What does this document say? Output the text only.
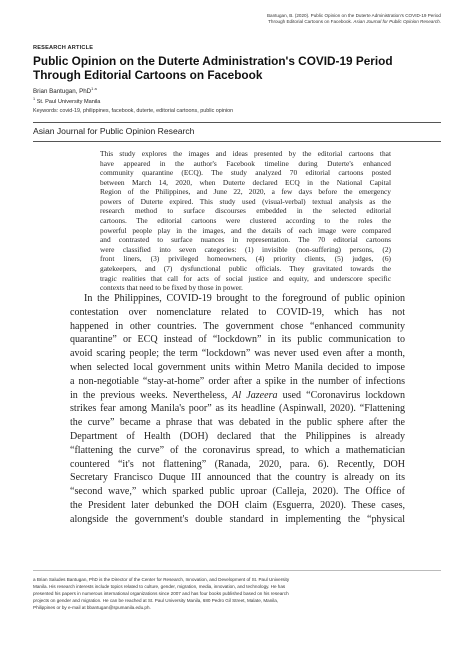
Bantugan, B. (2020). Public Opinion on the Duterte Administration's COVID-19 Period
Through Editorial Cartoons on Facebook. Asian Journal for Public Opinion Research.
RESEARCH ARTICLE
Public Opinion on the Duterte Administration's COVID-19 Period
Through Editorial Cartoons on Facebook
Brian Bantugan, PhD$^{1 a}$
$^1$ St. Paul University Manila
Keywords: covid-19, philippines, facebook, duterte, editorial cartoons, public opinion
Asian Journal for Public Opinion Research
This study explores the images and ideas presented by the editorial cartoons that
have appeared in the author's Facebook timeline during Duterte's enhanced
community quarantine (ECQ). The study analyzed 70 editorial cartoons posted
between March 14, 2020, when Duterte declared ECQ in the National Capital
Region of the Philippines, and June 22, 2020, a few days before the emergency
powers of Duterte expired. This study used (visual-verbal) textual analysis as the
research method to surface discourses embedded in the selected editorial
cartoons. The editorial cartoons were clustered according to the roles the
powerful people play in the images, and the details of each image were compared
and contrasted to surface nuances in representation. The 70 editorial cartoons
were classified into seven categories: (1) invisible (non-suffering) persons, (2)
front liners, (3) privileged homeowners, (4) priority clients, (5) judges, (6)
gatekeepers, and (7) dysfunctional public officials. They gravitated towards the
tragic realities that call for acts of social justice and equity, and underscore specific
contexts that need to be fixed by those in power.
In the Philippines, COVID-19 brought to the foreground of public opinion
contestation over nomenclature related to COVID-19, which has not
happened in other countries. The government chose “enhanced community
quarantine” or ECQ instead of “lockdown” in its public communication to
avoid scaring people; the term “lockdown” was never used even after a month,
when selected local government units within Metro Manila decided to impose
a non-negotiable “stay-at-home” order after a spike in the number of infections
in the previous weeks. Nevertheless, Al Jazeera used “Coronavirus lockdown
strikes fear among Manila's poor” as its headline (Aspinwall, 2020). “Flattening
the curve” became a phrase that was debated in the public sphere after the
Department of Health (DOH) declared that the Philippines is already
“flattening the curve” of the coronavirus spread, to which a mathematician
countered “it's not flattening” (Ranada, 2020, para. 6). Recently, DOH
Secretary Francisco Duque III announced that the country is already on its
“second wave,” which sparked public uproar (Calleja, 2020). The Office of
the President later debunked the DOH claim (Esguerra, 2020). These cases,
alongside the government's double standard in implementing the “physical
a Brian Saludes Bantugan, PhD is the Director of the Center for Research, Innovation, and Development of St. Paul University
Manila. His research interests include topics related to culture, gender, migration, media, innovation, and technology. He has
presented his papers in numerous international organizations since 2007 and has four books published based on his research
projects on gender and migration. He can be reached at St. Paul University Manila, 680 Pedro Gil Street, Malate, Manila,
Philippines or by e-mail at bbantugan@spumanila.edu.ph.
